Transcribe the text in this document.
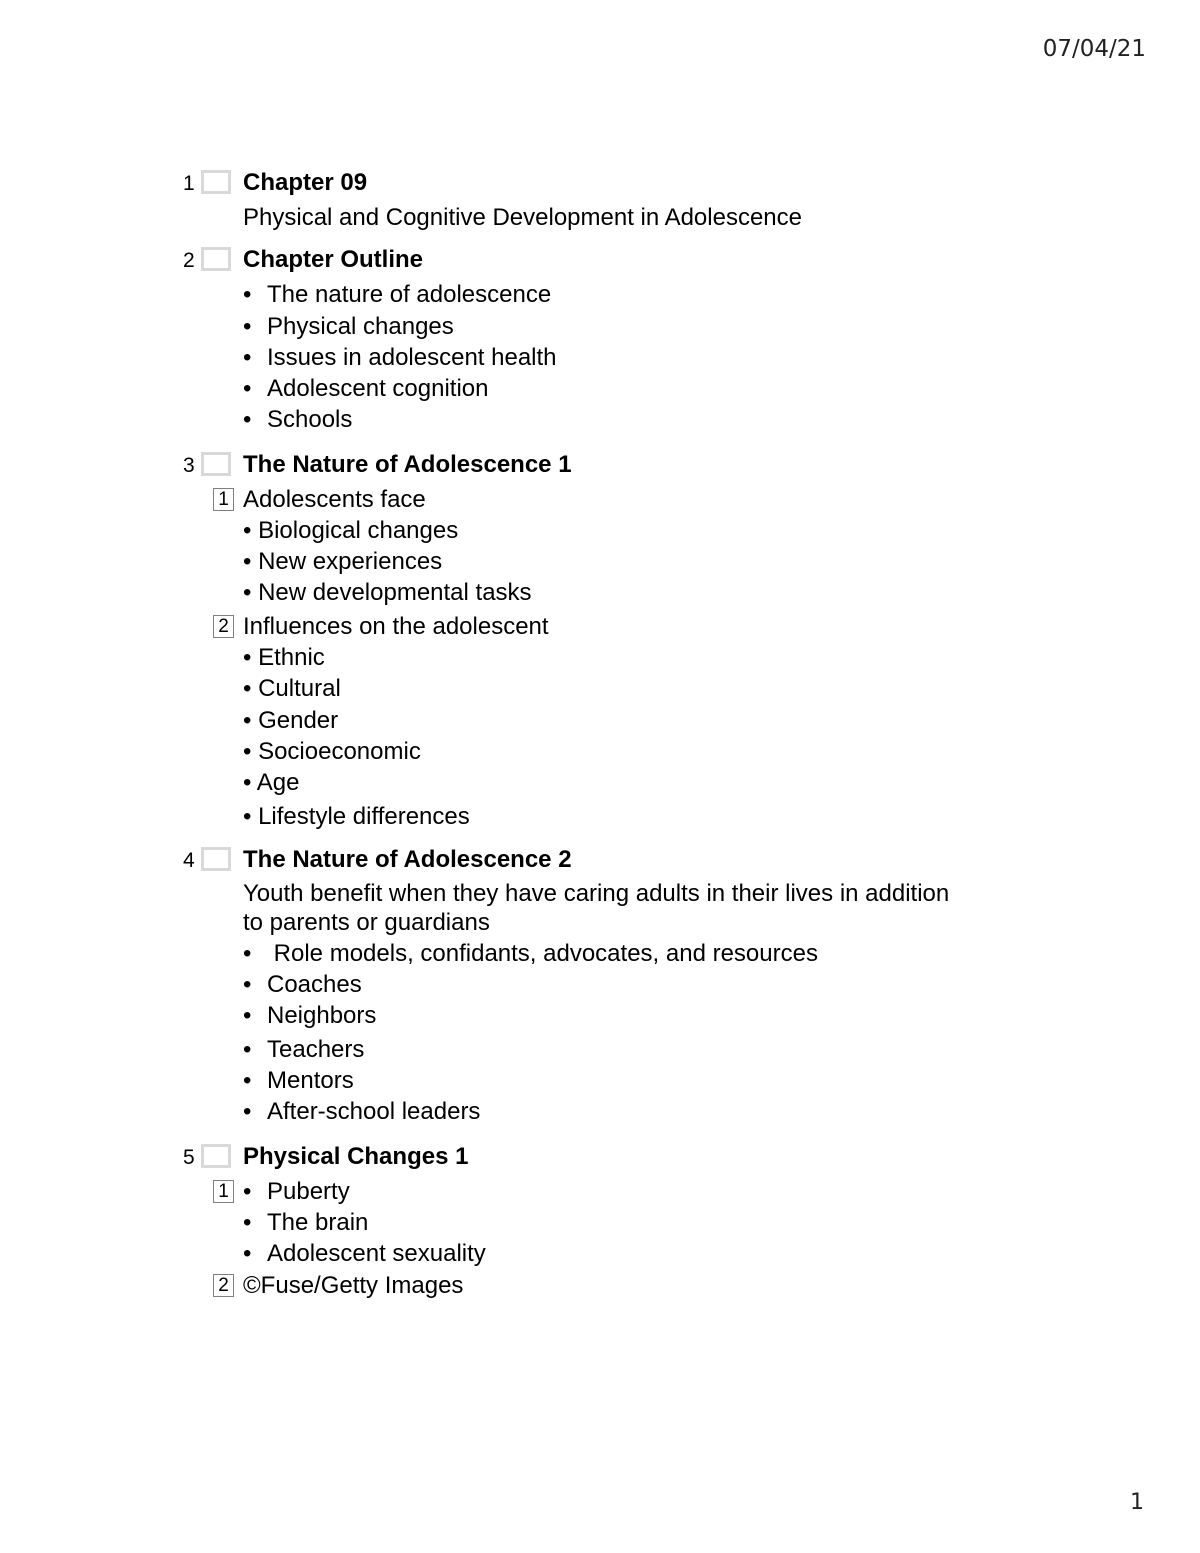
07/04/21
1 Chapter 09
Physical and Cognitive Development in Adolescence
2 Chapter Outline
• The nature of adolescence
• Physical changes
• Issues in adolescent health
• Adolescent cognition
• Schools
3 The Nature of Adolescence 1
1 Adolescents face
• Biological changes
• New experiences
• New developmental tasks
2 Influences on the adolescent
• Ethnic
• Cultural
• Gender
• Socioeconomic
• Age
• Lifestyle differences
4 The Nature of Adolescence 2
Youth benefit when they have caring adults in their lives in addition
to parents or guardians
• Role models, confidants, advocates, and resources
• Coaches
• Neighbors
• Teachers
• Mentors
• After-school leaders
5 Physical Changes 1
1 • Puberty
• The brain
• Adolescent sexuality
2 ©Fuse/Getty Images
1
